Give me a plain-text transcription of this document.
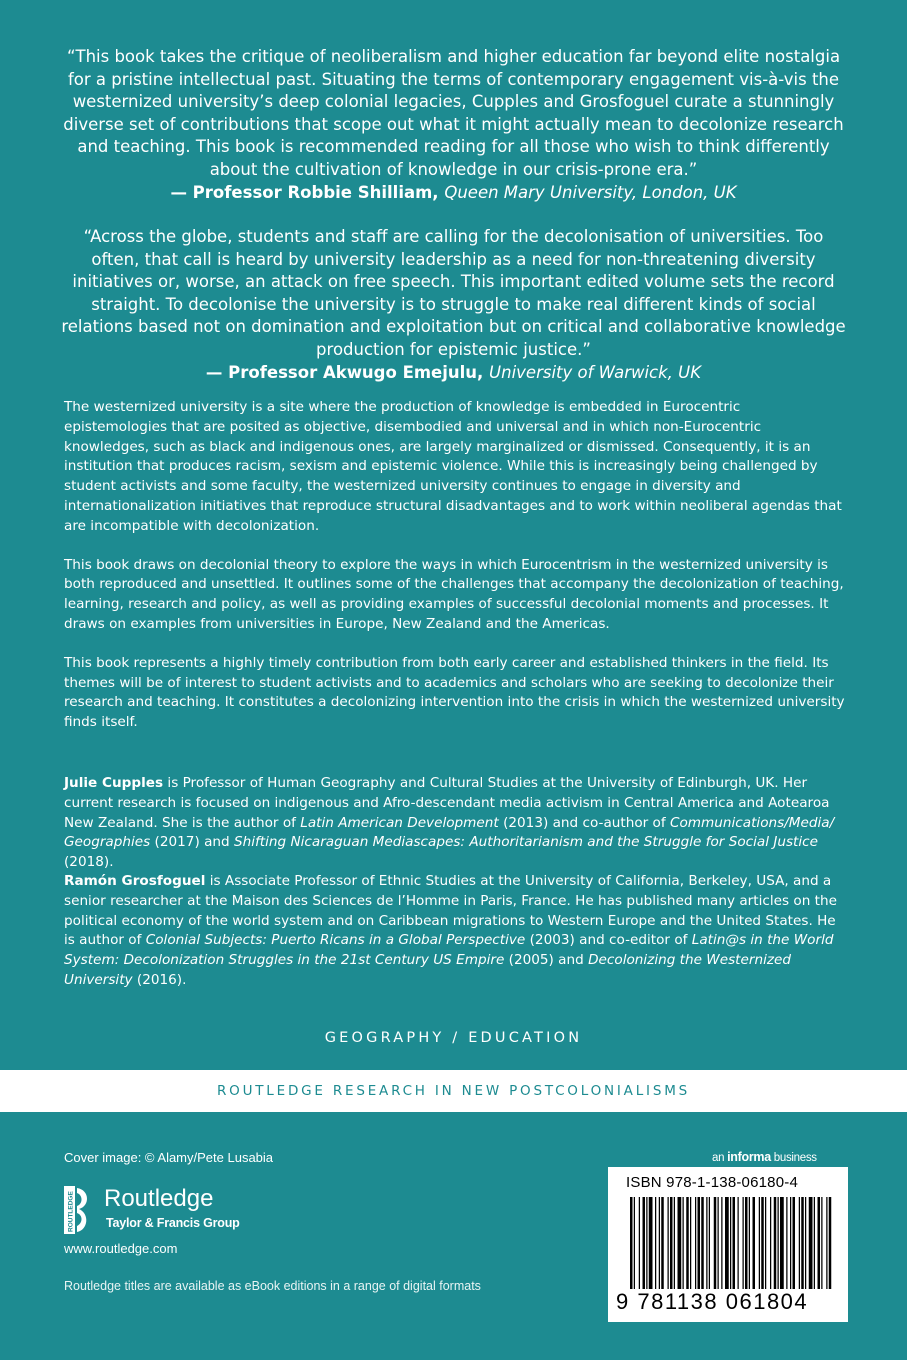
“This book takes the critique of neoliberalism and higher education far beyond elite nostalgia for a pristine intellectual past. Situating the terms of contemporary engagement vis-à-vis the westernized university’s deep colonial legacies, Cupples and Grosfoguel curate a stunningly diverse set of contributions that scope out what it might actually mean to decolonize research and teaching. This book is recommended reading for all those who wish to think differently about the cultivation of knowledge in our crisis-prone era.”

— Professor Robbie Shilliam, Queen Mary University, London, UK

“Across the globe, students and staff are calling for the decolonisation of universities. Too often, that call is heard by university leadership as a need for non-threatening diversity initiatives or, worse, an attack on free speech. This important edited volume sets the record straight. To decolonise the university is to struggle to make real different kinds of social relations based not on domination and exploitation but on critical and collaborative knowledge production for epistemic justice.”

— Professor Akwugo Emejulu, University of Warwick, UK

The westernized university is a site where the production of knowledge is embedded in Eurocentric epistemologies that are posited as objective, disembodied and universal and in which non-Eurocentric knowledges, such as black and indigenous ones, are largely marginalized or dismissed. Consequently, it is an institution that produces racism, sexism and epistemic violence. While this is increasingly being challenged by student activists and some faculty, the westernized university continues to engage in diversity and internationalization initiatives that reproduce structural disadvantages and to work within neoliberal agendas that are incompatible with decolonization.

This book draws on decolonial theory to explore the ways in which Eurocentrism in the westernized university is both reproduced and unsettled. It outlines some of the challenges that accompany the decolonization of teaching, learning, research and policy, as well as providing examples of successful decolonial moments and processes. It draws on examples from universities in Europe, New Zealand and the Americas.

This book represents a highly timely contribution from both early career and established thinkers in the field. Its themes will be of interest to student activists and to academics and scholars who are seeking to decolonize their research and teaching. It constitutes a decolonizing intervention into the crisis in which the westernized university finds itself.

Julie Cupples is Professor of Human Geography and Cultural Studies at the University of Edinburgh, UK. Her current research is focused on indigenous and Afro-descendant media activism in Central America and Aotearoa New Zealand. She is the author of Latin American Development (2013) and co-author of Communications/Media/ Geographies (2017) and Shifting Nicaraguan Mediascapes: Authoritarianism and the Struggle for Social Justice (2018).

Ramón Grosfoguel is Associate Professor of Ethnic Studies at the University of California, Berkeley, USA, and a senior researcher at the Maison des Sciences de l’Homme in Paris, France. He has published many articles on the political economy of the world system and on Caribbean migrations to Western Europe and the United States. He is author of Colonial Subjects: Puerto Ricans in a Global Perspective (2003) and co-editor of Latin@s in the World System: Decolonization Struggles in the 21st Century US Empire (2005) and Decolonizing the Westernized University (2016).

GEOGRAPHY / EDUCATION
ROUTLEDGE RESEARCH IN NEW POSTCOLONIALISMS
Cover image: © Alamy/Pete Lusabia
ROUTLEDGE Routledge
Taylor & Francis Group
www.routledge.com
Routledge titles are available as eBook editions in a range of digital formats
an informa business
ISBN 978-1-138-06180-4
9 781138 061804
